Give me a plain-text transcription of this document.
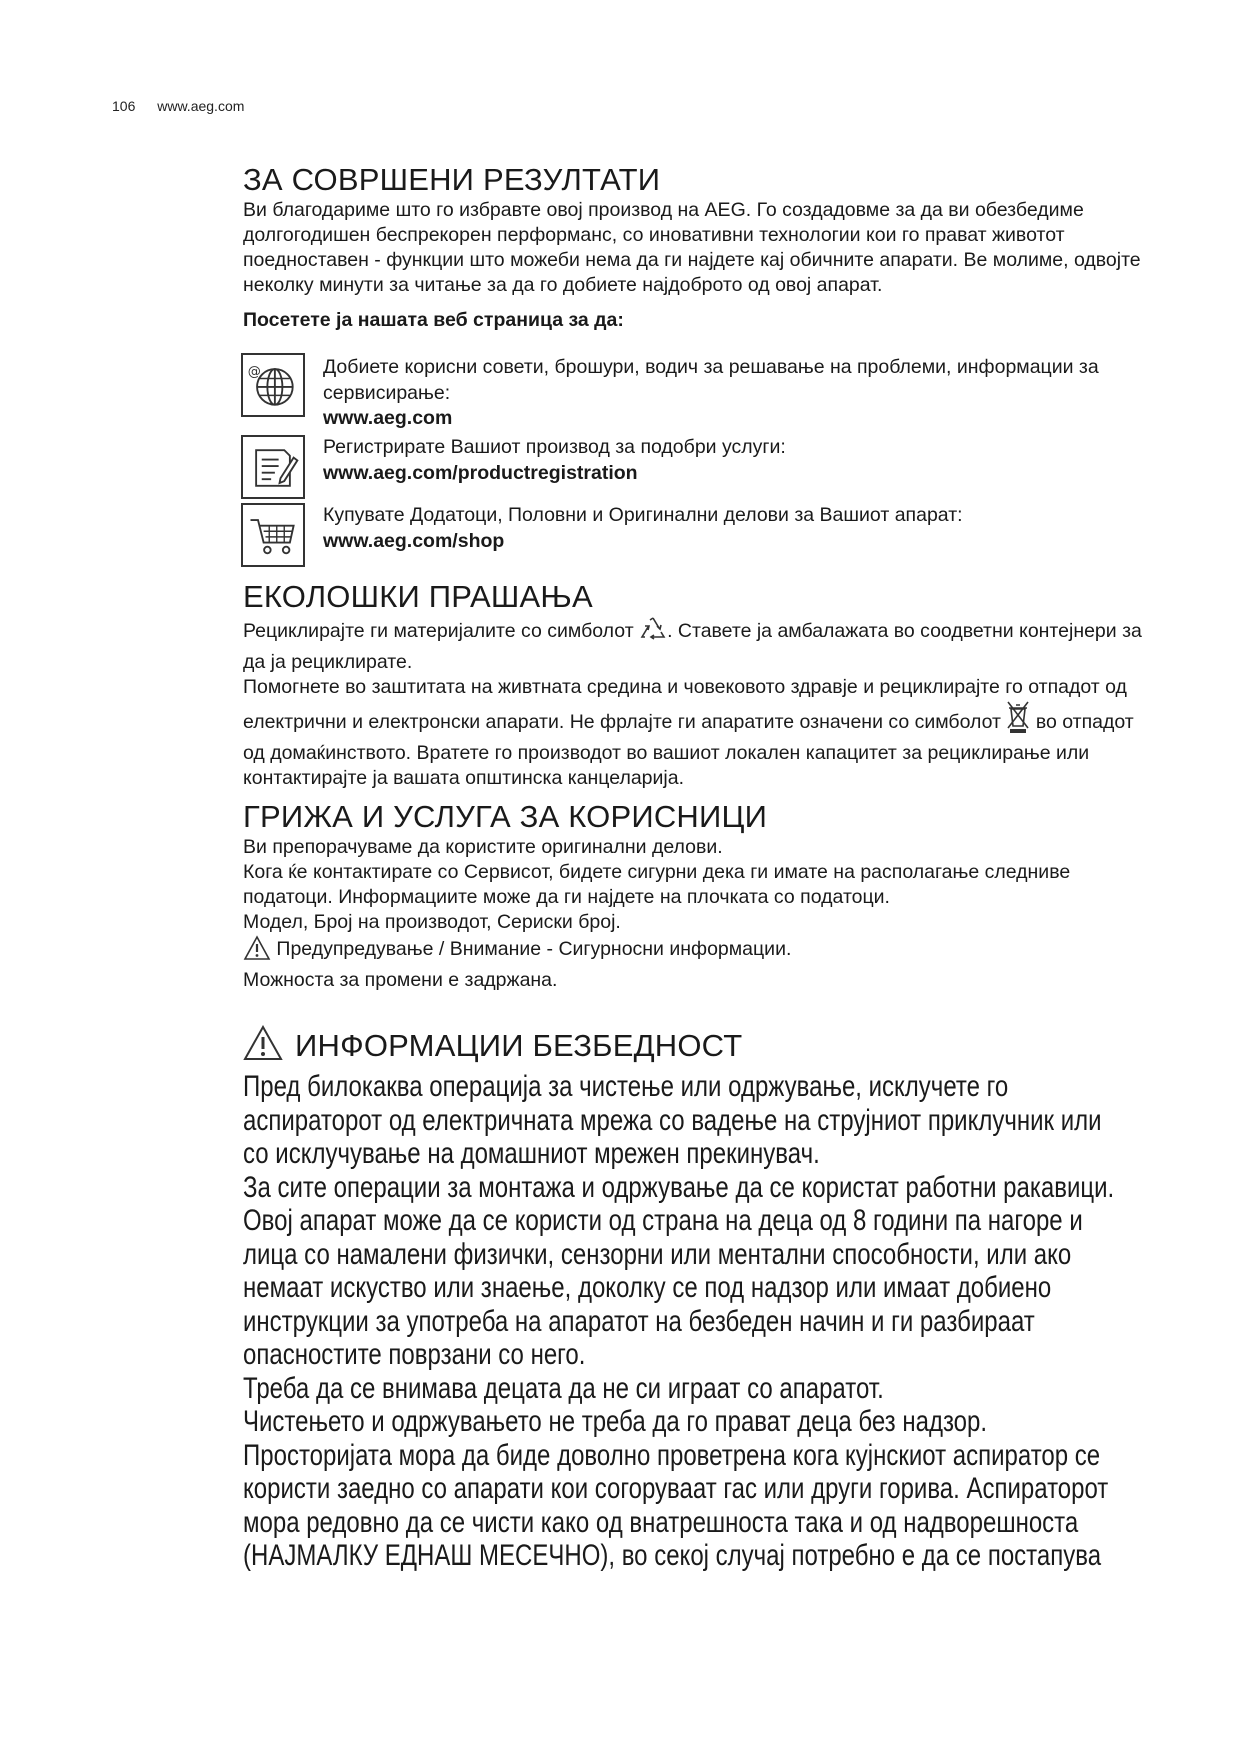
106 www.aeg.com
ЗА СОВРШЕНИ РЕЗУЛТАТИ

Ви благодариме што го избравте овој производ на AEG. Го создадовме за да ви обезбедиме долгогодишен беспрекорен перформанс, со иновативни технологии кои го прават животот поедноставен - функции што можеби нема да ги најдете кај обичните апарати. Ве молиме, одвојте неколку минути за читање за да го добиете најдоброто од овој апарат.

Посетете ја нашата веб страница за да:

@	Добиете корисни совети, брошури, водич за решавање на проблеми, информации за сервисирање:
www.aeg.com
Регистрирате Вашиот производ за подобри услуги:
www.aeg.com/productregistration
Купувате Додатоци, Половни и Оригинални делови за Вашиот апарат:
www.aeg.com/shop
ЕКОЛОШКИ ПРАШАЊА

Рециклирајте ги материјалите со симболот . Ставете ја амбалажата во соодветни контејнери за да ја рециклирате.

Помогнете во заштитата на живтната средина и човековото здравје и рециклирајте го отпадот од електрични и електронски апарати. Не фрлајте ги апаратите означени со симболот во отпадот од домаќинството. Вратете го производот во вашиот локален капацитет за рециклирање или контактирајте ја вашата општинска канцеларија.

ГРИЖА И УСЛУГА ЗА КОРИСНИЦИ

Ви препорачуваме да користите оригинални делови.

Кога ќе контактирате со Сервисот, бидете сигурни дека ги имате на располагање следниве податоци. Информациите може да ги најдете на плочката со податоци.

Модел, Број на производот, Сериски број.

Предупредување / Внимание - Сигурносни информации.

Можноста за промени е задржана.

ИНФОРМАЦИИ БЕЗБЕДНОСТ

Пред билокаква операција за чистење или одржување, исклучете го аспираторот од електричната мрежа со вадење на струјниот приклучник или со исклучување на домашниот мрежен прекинувач.

За сите операции за монтажа и одржување да се користат работни ракавици.

Овој апарат може да се користи од страна на деца од 8 години па нагоре и лица со намалени физички, сензорни или ментални способности, или ако немаат искуство или знаење, доколку се под надзор или имаат добиено инструкции за употреба на апаратот на безбеден начин и ги разбираат опасностите поврзани со него.

Треба да се внимава децата да не си играат со апаратот.

Чистењето и одржувањето не треба да го прават деца без надзор.

Просторијата мора да биде доволно проветрена кога кујнскиот аспиратор се користи заедно со апарати кои согоруваат гас или други горива. Аспираторот мора редовно да се чисти како од внатрешноста така и од надворешноста (НАЈМАЛКУ ЕДНАШ МЕСЕЧНО), во секој случај потребно е да се постапува
